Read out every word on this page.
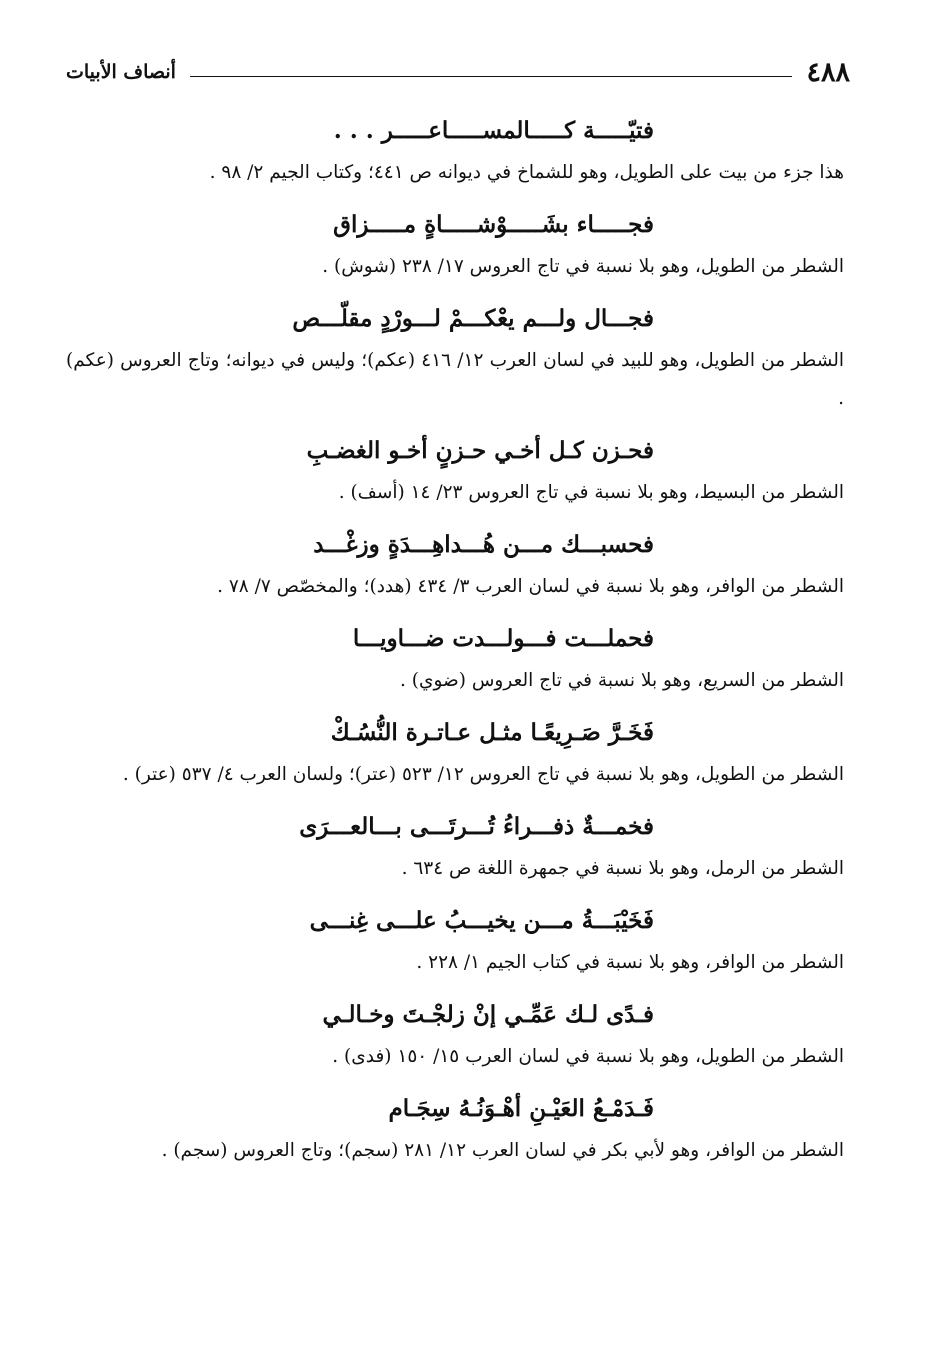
٤٨٨
أنصاف الأبيات

فتيّـــــة كـــــالمســـــاعـــــر . . .

هذا جزء من بيت على الطويل، وهو للشماخ في ديوانه ص ٤٤١؛ وكتاب الجيم ٢/ ٩٨ .

فجـــــاء بشَـــــوْشـــــاةٍ مـــــزاق

الشطر من الطويل، وهو بلا نسبة في تاج العروس ١٧/ ٢٣٨ (شوش) .

فجـــال ولـــم يعْكـــمْ لـــورْدٍ مقلّـــص

الشطر من الطويل، وهو للبيد في لسان العرب ١٢/ ٤١٦ (عكم)؛ وليس في ديوانه؛ وتاج العروس (عكم) .

فحـزن كـل أخـي حـزنٍ أخـو الغضـبِ

الشطر من البسيط، وهو بلا نسبة في تاج العروس ٢٣/ ١٤ (أسف) .

فحسبـــك مـــن هُـــداهِـــدَةٍ وزغْـــد

الشطر من الوافر، وهو بلا نسبة في لسان العرب ٣/ ٤٣٤ (هدد)؛ والمخصّص ٧/ ٧٨ .

فحملـــت فـــولـــدت ضـــاويـــا

الشطر من السريع، وهو بلا نسبة في تاج العروس (ضوي) .

فَخَـرَّ صَـرِيعًـا مثـل عـاتـرة النُّسُـكْ

الشطر من الطويل، وهو بلا نسبة في تاج العروس ١٢/ ٥٢٣ (عتر)؛ ولسان العرب ٤/ ٥٣٧ (عتر) .

فخمـــةٌ ذفـــراءُ تُـــرتَـــى بـــالعـــرَى

الشطر من الرمل، وهو بلا نسبة في جمهرة اللغة ص ٦٣٤ .

فَخَيْبَـــةُ مـــن يخيـــبُ علـــى غِنـــى

الشطر من الوافر، وهو بلا نسبة في كتاب الجيم ١/ ٢٢٨ .

فـدًى لـك عَمِّـي إنْ زلجْـتَ وخـالـي

الشطر من الطويل، وهو بلا نسبة في لسان العرب ١٥/ ١٥٠ (فدى) .

فَـدَمْـعُ العَيْـنِ أهْـوَنُـهُ سِجَـام

الشطر من الوافر، وهو لأبي بكر في لسان العرب ١٢/ ٢٨١ (سجم)؛ وتاج العروس (سجم) .
